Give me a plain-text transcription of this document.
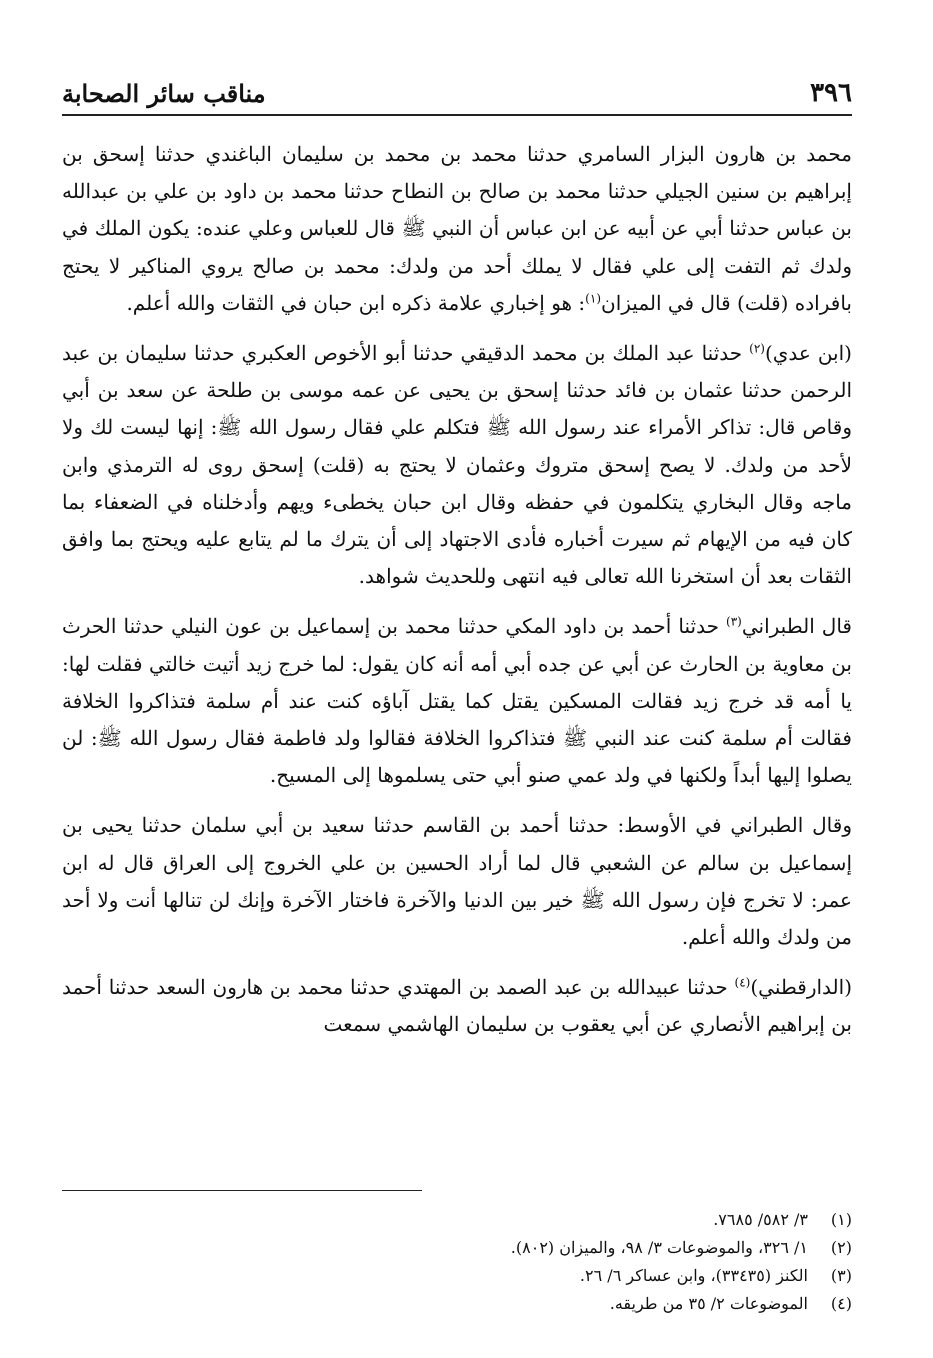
٣٩٦
مناقب سائر الصحابة

محمد بن هارون البزار السامري حدثنا محمد بن محمد بن سليمان الباغندي حدثنا إسحق بن إبراهيم بن سنين الجيلي حدثنا محمد بن صالح بن النطاح حدثنا محمد بن داود بن علي بن عبدالله بن عباس حدثنا أبي عن أبيه عن ابن عباس أن النبي ﷺ قال للعباس وعلي عنده: يكون الملك في ولدك ثم التفت إلى علي فقال لا يملك أحد من ولدك: محمد بن صالح يروي المناكير لا يحتج بافراده (قلت) قال في الميزان$^{(١)}$: هو إخباري علامة ذكره ابن حبان في الثقات والله أعلم.

(ابن عدي)$^{(٢)}$ حدثنا عبد الملك بن محمد الدقيقي حدثنا أبو الأخوص العكبري حدثنا سليمان بن عبد الرحمن حدثنا عثمان بن فائد حدثنا إسحق بن يحيى عن عمه موسى بن طلحة عن سعد بن أبي وقاص قال: تذاكر الأمراء عند رسول الله ﷺ فتكلم علي فقال رسول الله ﷺ: إنها ليست لك ولا لأحد من ولدك. لا يصح إسحق متروك وعثمان لا يحتج به (قلت) إسحق روى له الترمذي وابن ماجه وقال البخاري يتكلمون في حفظه وقال ابن حبان يخطىء ويهم وأدخلناه في الضعفاء بما كان فيه من الإيهام ثم سيرت أخباره فأدى الاجتهاد إلى أن يترك ما لم يتابع عليه ويحتج بما وافق الثقات بعد أن استخرنا الله تعالى فيه انتهى وللحديث شواهد.

قال الطبراني$^{(٣)}$ حدثنا أحمد بن داود المكي حدثنا محمد بن إسماعيل بن عون النيلي حدثنا الحرث بن معاوية بن الحارث عن أبي عن جده أبي أمه أنه كان يقول: لما خرج زيد أتيت خالتي فقلت لها: يا أمه قد خرج زيد فقالت المسكين يقتل كما يقتل آباؤه كنت عند أم سلمة فتذاكروا الخلافة فقالت أم سلمة كنت عند النبي ﷺ فتذاكروا الخلافة فقالوا ولد فاطمة فقال رسول الله ﷺ: لن يصلوا إليها أبداً ولكنها في ولد عمي صنو أبي حتى يسلموها إلى المسيح.

وقال الطبراني في الأوسط: حدثنا أحمد بن القاسم حدثنا سعيد بن أبي سلمان حدثنا يحيى بن إسماعيل بن سالم عن الشعبي قال لما أراد الحسين بن علي الخروج إلى العراق قال له ابن عمر: لا تخرج فإن رسول الله ﷺ خير بين الدنيا والآخرة فاختار الآخرة وإنك لن تنالها أنت ولا أحد من ولدك والله أعلم.

(الدارقطني)$^{(٤)}$ حدثنا عبيدالله بن عبد الصمد بن المهتدي حدثنا محمد بن هارون السعد حدثنا أحمد بن إبراهيم الأنصاري عن أبي يعقوب بن سليمان الهاشمي سمعت

(١)
٣/ ٥٨٢/ ٧٦٨٥.
(٢)
١/ ٣٢٦، والموضوعات ٣/ ٩٨، والميزان (٨٠٢).
(٣)
الكنز (٣٣٤٣٥)، وابن عساكر ٦/ ٢٦.
(٤)
الموضوعات ٢/ ٣٥ من طريقه.
